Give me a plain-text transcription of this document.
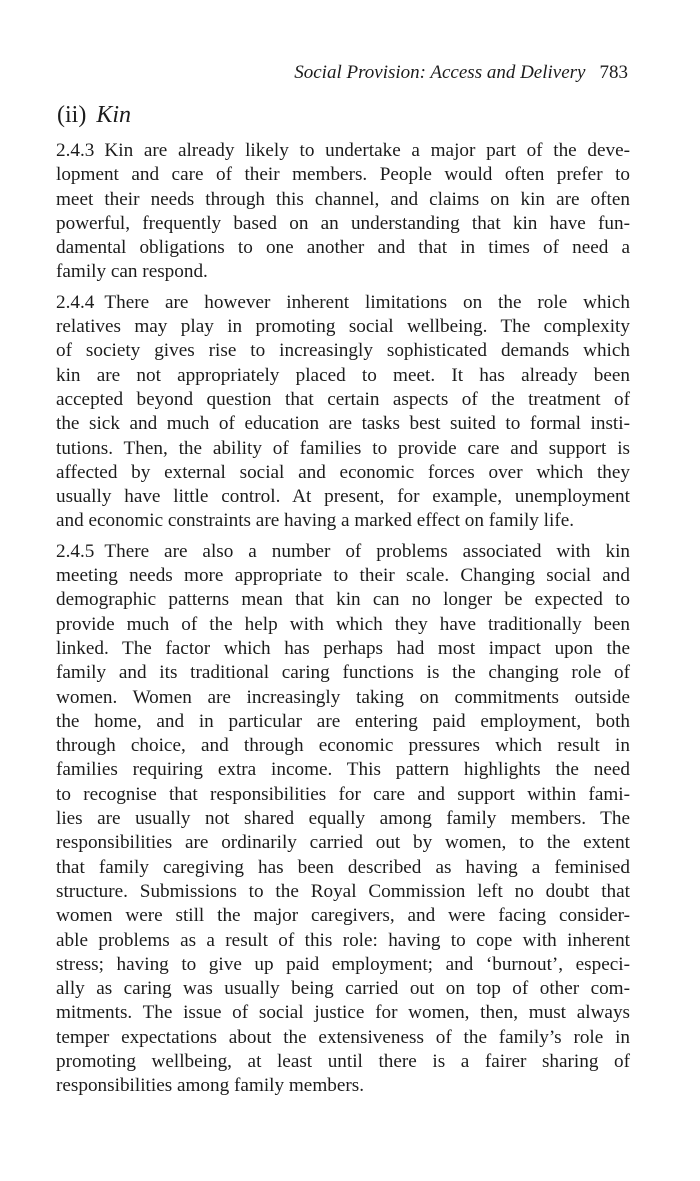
Social Provision: Access and Delivery 783
(ii) Kin
2.4.3 Kin are already likely to undertake a major part of the deve-
lopment and care of their members. People would often prefer to
meet their needs through this channel, and claims on kin are often
powerful, frequently based on an understanding that kin have fun-
damental obligations to one another and that in times of need a
family can respond.
2.4.4 There are however inherent limitations on the role which
relatives may play in promoting social wellbeing. The complexity
of society gives rise to increasingly sophisticated demands which
kin are not appropriately placed to meet. It has already been
accepted beyond question that certain aspects of the treatment of
the sick and much of education are tasks best suited to formal insti-
tutions. Then, the ability of families to provide care and support is
affected by external social and economic forces over which they
usually have little control. At present, for example, unemployment
and economic constraints are having a marked effect on family life.
2.4.5 There are also a number of problems associated with kin
meeting needs more appropriate to their scale. Changing social and
demographic patterns mean that kin can no longer be expected to
provide much of the help with which they have traditionally been
linked. The factor which has perhaps had most impact upon the
family and its traditional caring functions is the changing role of
women. Women are increasingly taking on commitments outside
the home, and in particular are entering paid employment, both
through choice, and through economic pressures which result in
families requiring extra income. This pattern highlights the need
to recognise that responsibilities for care and support within fami-
lies are usually not shared equally among family members. The
responsibilities are ordinarily carried out by women, to the extent
that family caregiving has been described as having a feminised
structure. Submissions to the Royal Commission left no doubt that
women were still the major caregivers, and were facing consider-
able problems as a result of this role: having to cope with inherent
stress; having to give up paid employment; and ‘burnout’, especi-
ally as caring was usually being carried out on top of other com-
mitments. The issue of social justice for women, then, must always
temper expectations about the extensiveness of the family’s role in
promoting wellbeing, at least until there is a fairer sharing of
responsibilities among family members.
